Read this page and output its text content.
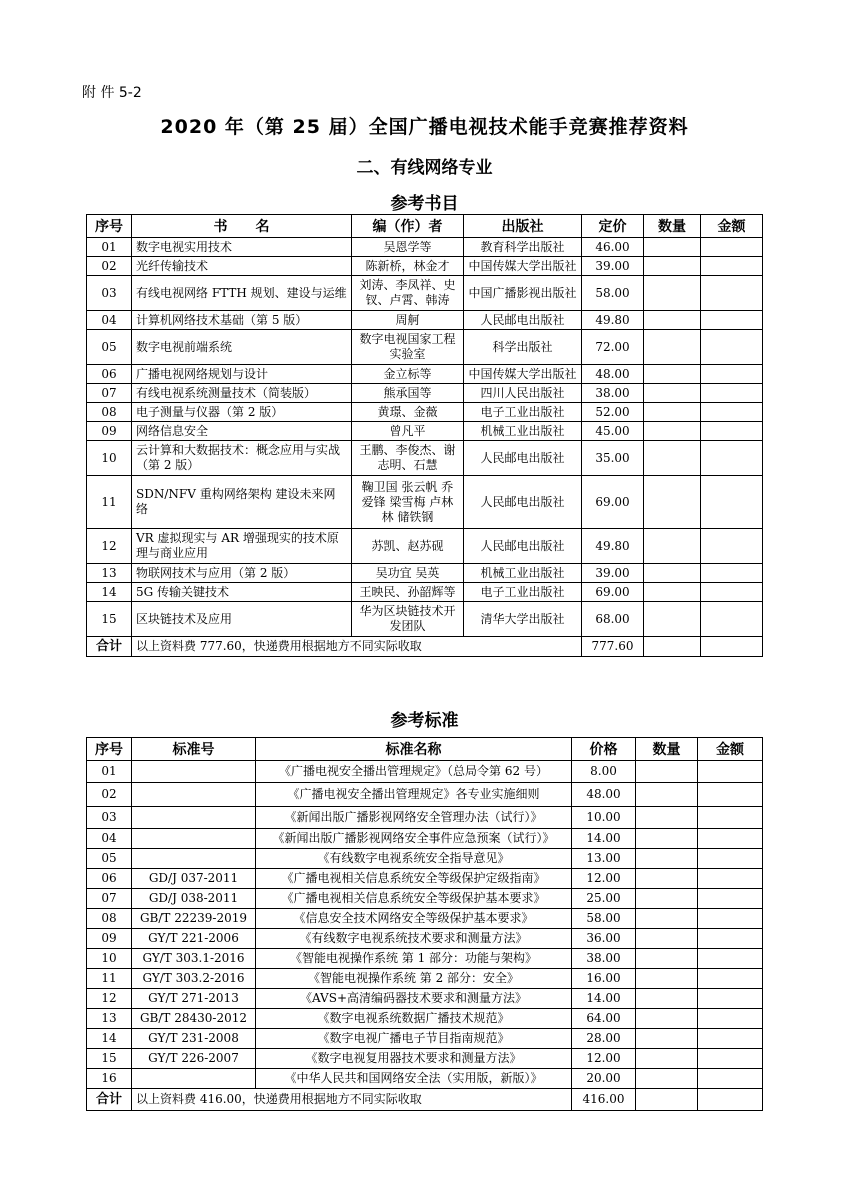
附 件 5-2
2020 年（第 25 届）全国广播电视技术能手竞赛推荐资料
二、有线网络专业
参考书目
序号	书　　名	编（作）者	出版社	定价	数量	金额
01	数字电视实用技术	吴恩学等	教育科学出版社	46.00		
02	光纤传输技术	陈新桥，林金才	中国传媒大学出版社	39.00		
03	有线电视网络 FTTH 规划、建设与运维	刘涛、李凤祥、史钗、卢霄、韩涛	中国广播影视出版社	58.00		
04	计算机网络技术基础（第 5 版）	周舸	人民邮电出版社	49.80		
05	数字电视前端系统	数字电视国家工程实验室	科学出版社	72.00		
06	广播电视网络规划与设计	金立标等	中国传媒大学出版社	48.00		
07	有线电视系统测量技术（简装版）	熊承国等	四川人民出版社	38.00		
08	电子测量与仪器（第 2 版）	黄璟、金薇	电子工业出版社	52.00		
09	网络信息安全	曾凡平	机械工业出版社	45.00		
10	云计算和大数据技术：概念应用与实战（第 2 版）	王鹏、李俊杰、谢志明、石慧	人民邮电出版社	35.00		
11	SDN/NFV 重构网络架构 建设未来网络	鞠卫国 张云帆 乔爱锋 梁雪梅 卢林林 储铁钢	人民邮电出版社	69.00		
12	VR 虚拟现实与 AR 增强现实的技术原理与商业应用	苏凯、赵苏砚	人民邮电出版社	49.80		
13	物联网技术与应用（第 2 版）	吴功宜 吴英	机械工业出版社	39.00		
14	5G 传输关键技术	王映民、孙韶辉等	电子工业出版社	69.00		
15	区块链技术及应用	华为区块链技术开发团队	清华大学出版社	68.00		
合计	以上资料费 777.60，快递费用根据地方不同实际收取			777.60		
参考标准
序号	标准号	标准名称	价格	数量	金额
01		《广播电视安全播出管理规定》（总局令第 62 号）	8.00		
02		《广播电视安全播出管理规定》各专业实施细则	48.00		
03		《新闻出版广播影视网络安全管理办法（试行）》	10.00		
04		《新闻出版广播影视网络安全事件应急预案（试行）》	14.00		
05		《有线数字电视系统安全指导意见》	13.00		
06	GD/J 037-2011	《广播电视相关信息系统安全等级保护定级指南》	12.00		
07	GD/J 038-2011	《广播电视相关信息系统安全等级保护基本要求》	25.00		
08	GB/T 22239-2019	《信息安全技术网络安全等级保护基本要求》	58.00		
09	GY/T 221-2006	《有线数字电视系统技术要求和测量方法》	36.00		
10	GY/T 303.1-2016	《智能电视操作系统 第 1 部分：功能与架构》	38.00		
11	GY/T 303.2-2016	《智能电视操作系统 第 2 部分：安全》	16.00		
12	GY/T 271-2013	《AVS+高清编码器技术要求和测量方法》	14.00		
13	GB/T 28430-2012	《数字电视系统数据广播技术规范》	64.00		
14	GY/T 231-2008	《数字电视广播电子节目指南规范》	28.00		
15	GY/T 226-2007	《数字电视复用器技术要求和测量方法》	12.00		
16		《中华人民共和国网络安全法（实用版，新版）》	20.00		
合计	以上资料费 416.00，快递费用根据地方不同实际收取		416.00		
